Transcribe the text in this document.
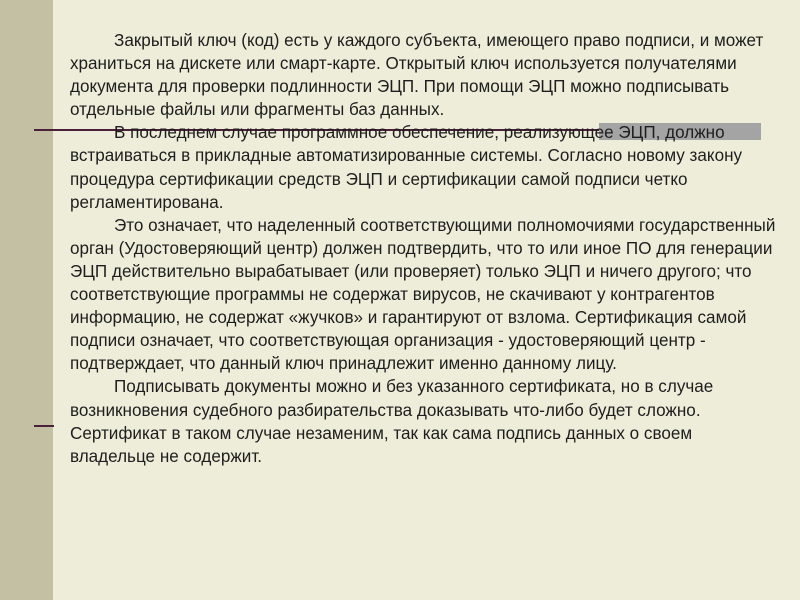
Закрытый ключ (код) есть у каждого субъекта, имеющего право подписи, и может храниться на дискете или смарт-карте. Открытый ключ используется получателями документа для проверки подлинности ЭЦП. При помощи ЭЦП можно подписывать отдельные файлы или фрагменты баз данных.

В последнем случае программное обеспечение, реализующее ЭЦП, должно встраиваться в прикладные автоматизированные системы. Согласно новому закону процедура сертификации средств ЭЦП и сертификации самой подписи четко регламентирована.

Это означает, что наделенный соответствующими полномочиями государственный орган (Удостоверяющий центр) должен подтвердить, что то или иное ПО для генерации ЭЦП действительно вырабатывает (или проверяет) только ЭЦП и ничего другого; что соответствующие программы не содержат вирусов, не скачивают у контрагентов информацию, не содержат «жучков» и гарантируют от взлома. Сертификация самой подписи означает, что соответствующая организация - удостоверяющий центр - подтверждает, что данный ключ принадлежит именно данному лицу.

Подписывать документы можно и без указанного сертификата, но в случае возникновения судебного разбирательства доказывать что-либо будет сложно. Сертификат в таком случае незаменим, так как сама подпись данных о своем владельце не содержит.
